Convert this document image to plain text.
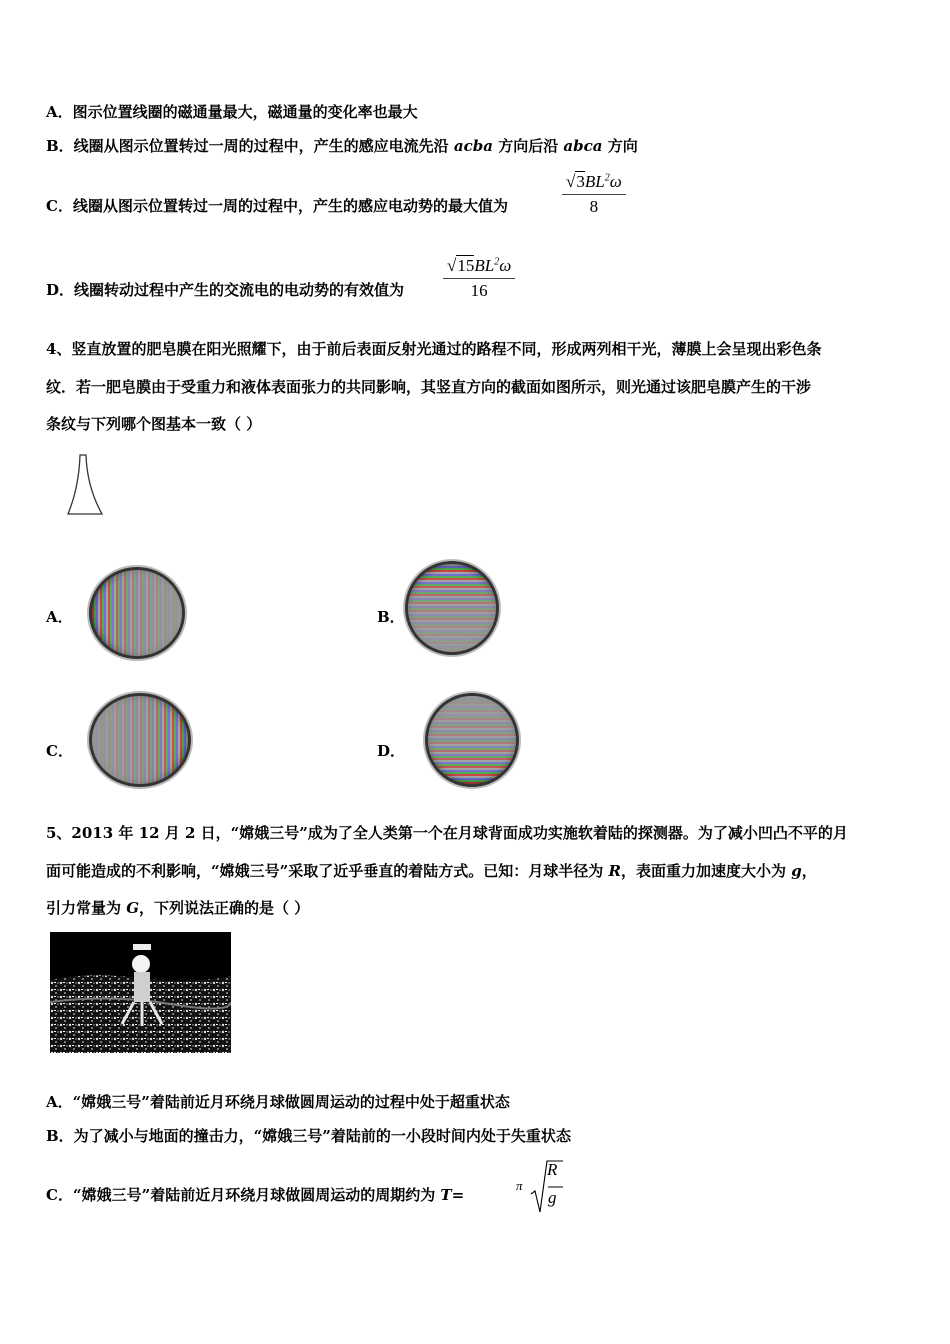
A．图示位置线圈的磁通量最大，磁通量的变化率也最大
B．线圈从图示位置转过一周的过程中，产生的感应电流先沿 acba 方向后沿 abca 方向
C．线圈从图示位置转过一周的过程中，产生的感应电动势的最大值为	$\frac{√3BL^2\omega}{8}$
D．线圈转动过程中产生的交流电的电动势的有效值为 $\frac{√15BL^2\omega}{16}$
4、竖直放置的肥皂膜在阳光照耀下，由于前后表面反射光通过的路程不同，形成两列相干光，薄膜上会呈现出彩色条
纹．若一肥皂膜由于受重力和液体表面张力的共同影响，其竖直方向的截面如图所示，则光通过该肥皂膜产生的干涉
条纹与下列哪个图基本一致（ ）
A．	B．
C．	D．
5、2013 年 12 月 2 日，“嫦娥三号”成为了全人类第一个在月球背面成功实施软着陆的探测器。为了减小凹凸不平的月
面可能造成的不利影响，“嫦娥三号”采取了近乎垂直的着陆方式。已知：月球半径为 R，表面重力加速度大小为 g，
引力常量为 G，下列说法正确的是（ ）
A．“嫦娥三号”着陆前近月环绕月球做圆周运动的过程中处于超重状态
B．为了减小与地面的撞击力，“嫦娥三号”着陆前的一小段时间内处于失重状态
C．“嫦娥三号”着陆前近月环绕月球做圆周运动的周期约为 T=
π
R
g
